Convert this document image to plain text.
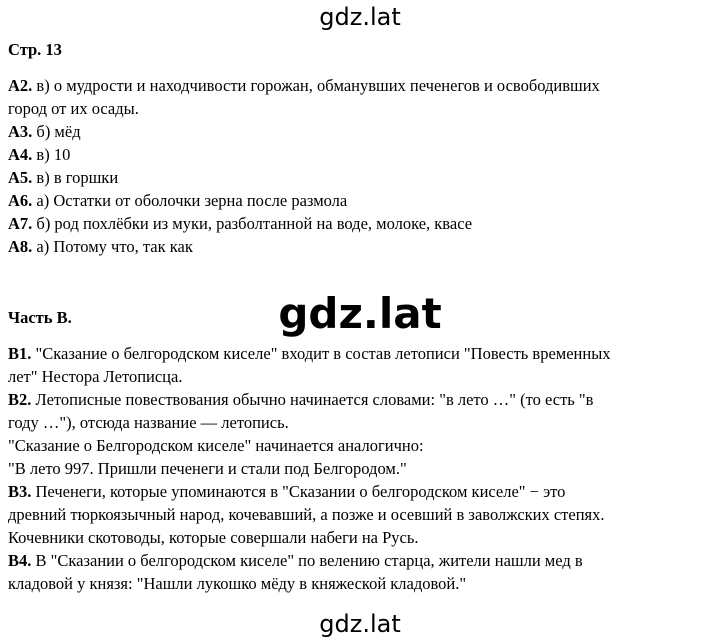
gdz.lat
Стр. 13
А2. в) о мудрости и находчивости горожан, обманувших печенегов и освободивших
город от их осады.
А3. б) мёд
А4. в) 10
А5. в) в горшки
А6. а) Остатки от оболочки зерна после размола
А7. б) род похлёбки из муки, разболтанной на воде, молоке, квасе
А8. а) Потому что, так как
Часть В.
В1. "Сказание о белгородском киселе" входит в состав летописи "Повесть временных
лет" Нестора Летописца.
В2. Летописные повествования обычно начинается словами: "в лето …" (то есть "в
году …"), отсюда название — летопись.
"Сказание о Белгородском киселе" начинается аналогично:
"В лето 997. Пришли печенеги и стали под Белгородом."
В3. Печенеги, которые упоминаются в "Сказании о белгородском киселе" − это
древний тюркоязычный народ, кочевавший, а позже и осевший в заволжских степях.
Кочевники скотоводы, которые совершали набеги на Русь.
В4. В "Сказании о белгородском киселе" по велению старца, жители нашли мед в
кладовой у князя: "Нашли лукошко мёду в княжеской кладовой."
gdz.lat
gdz.lat
